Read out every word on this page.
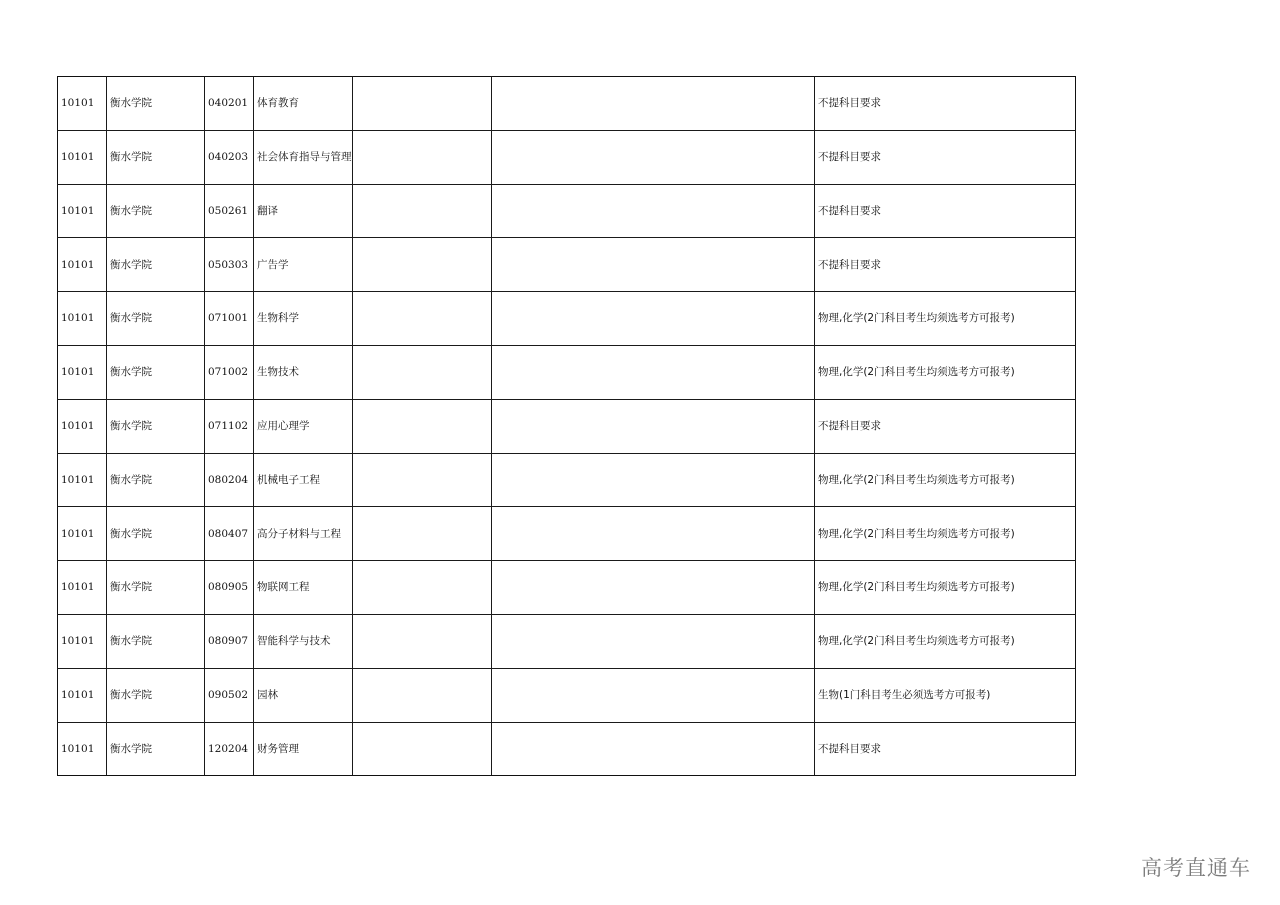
10101	衡水学院	040201	体育教育			不提科目要求
10101	衡水学院	040203	社会体育指导与管理			不提科目要求
10101	衡水学院	050261	翻译			不提科目要求
10101	衡水学院	050303	广告学			不提科目要求
10101	衡水学院	071001	生物科学			物理,化学(2门科目考生均须选考方可报考)
10101	衡水学院	071002	生物技术			物理,化学(2门科目考生均须选考方可报考)
10101	衡水学院	071102	应用心理学			不提科目要求
10101	衡水学院	080204	机械电子工程			物理,化学(2门科目考生均须选考方可报考)
10101	衡水学院	080407	高分子材料与工程			物理,化学(2门科目考生均须选考方可报考)
10101	衡水学院	080905	物联网工程			物理,化学(2门科目考生均须选考方可报考)
10101	衡水学院	080907	智能科学与技术			物理,化学(2门科目考生均须选考方可报考)
10101	衡水学院	090502	园林			生物(1门科目考生必须选考方可报考)
10101	衡水学院	120204	财务管理			不提科目要求
高考直通车
